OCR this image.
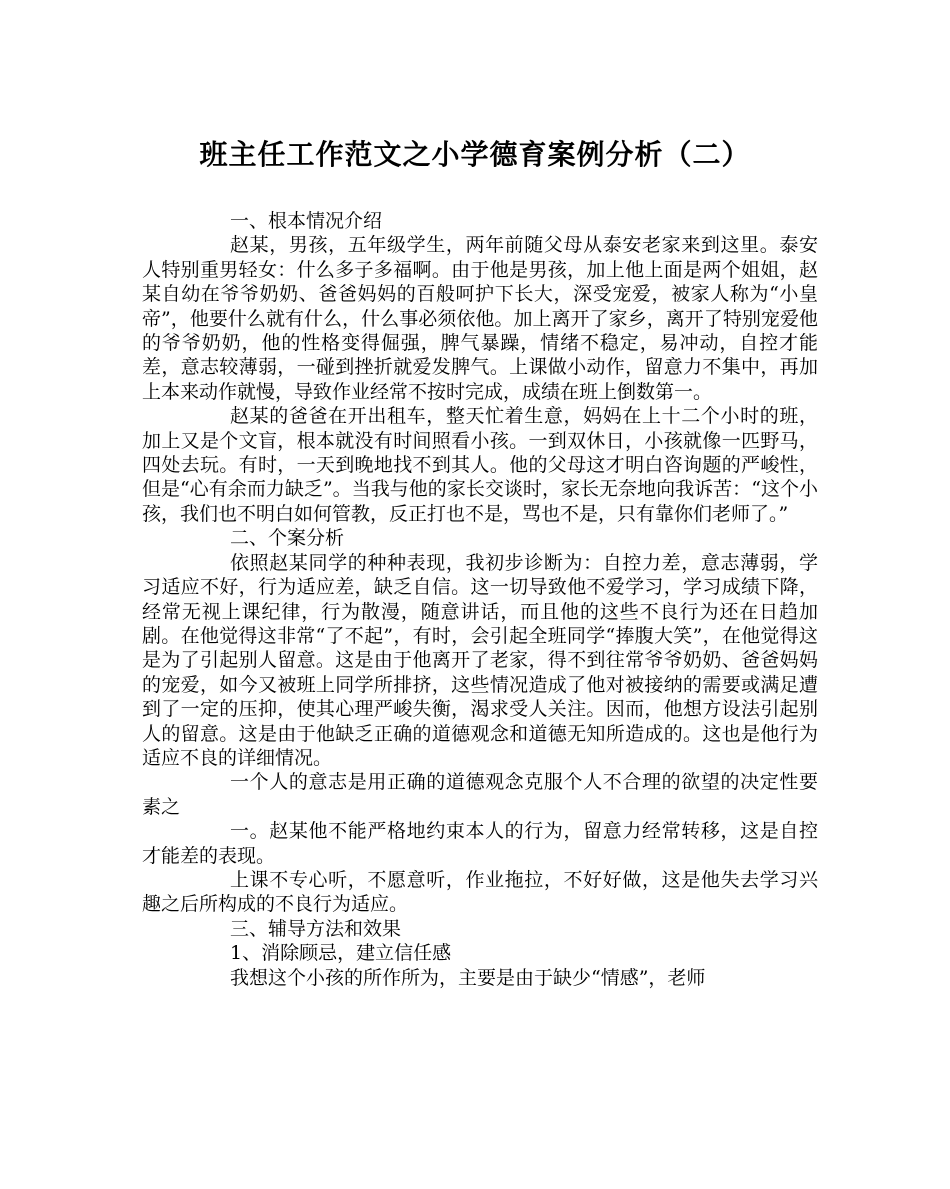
班主任工作范文之小学德育案例分析（二）

一、根本情况介绍

赵某，男孩，五年级学生，两年前随父母从泰安老家来到这里。泰安人特别重男轻女：什么多子多福啊。由于他是男孩，加上他上面是两个姐姐，赵某自幼在爷爷奶奶、爸爸妈妈的百般呵护下长大，深受宠爱，被家人称为“小皇帝”，他要什么就有什么，什么事必须依他。加上离开了家乡，离开了特别宠爱他的爷爷奶奶，他的性格变得倔强，脾气暴躁，情绪不稳定，易冲动，自控才能差，意志较薄弱，一碰到挫折就爱发脾气。上课做小动作，留意力不集中，再加上本来动作就慢，导致作业经常不按时完成，成绩在班上倒数第一。

赵某的爸爸在开出租车，整天忙着生意，妈妈在上十二个小时的班，加上又是个文盲，根本就没有时间照看小孩。一到双休日，小孩就像一匹野马，四处去玩。有时，一天到晚地找不到其人。他的父母这才明白咨询题的严峻性，但是“心有余而力缺乏”。当我与他的家长交谈时，家长无奈地向我诉苦：“这个小孩，我们也不明白如何管教，反正打也不是，骂也不是，只有靠你们老师了。”

二、个案分析

依照赵某同学的种种表现，我初步诊断为：自控力差，意志薄弱，学习适应不好，行为适应差，缺乏自信。这一切导致他不爱学习，学习成绩下降，经常无视上课纪律，行为散漫，随意讲话，而且他的这些不良行为还在日趋加剧。在他觉得这非常“了不起”，有时，会引起全班同学“捧腹大笑”，在他觉得这是为了引起别人留意。这是由于他离开了老家，得不到往常爷爷奶奶、爸爸妈妈的宠爱，如今又被班上同学所排挤，这些情况造成了他对被接纳的需要或满足遭到了一定的压抑，使其心理严峻失衡，渴求受人关注。因而，他想方设法引起别人的留意。这是由于他缺乏正确的道德观念和道德无知所造成的。这也是他行为适应不良的详细情况。

一个人的意志是用正确的道德观念克服个人不合理的欲望的决定性要素之

一。赵某他不能严格地约束本人的行为，留意力经常转移，这是自控才能差的表现。

上课不专心听，不愿意听，作业拖拉，不好好做，这是他失去学习兴趣之后所构成的不良行为适应。

三、辅导方法和效果

1、消除顾忌，建立信任感

我想这个小孩的所作所为，主要是由于缺少“情感”，老师
